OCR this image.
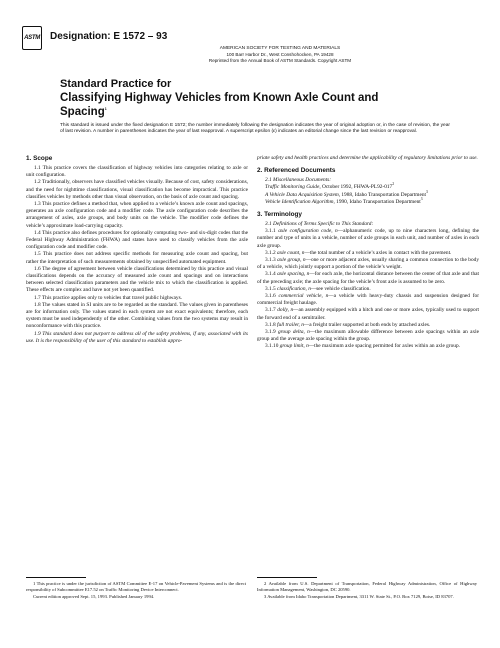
ASTM Designation: E 1572 – 93
AMERICAN SOCIETY FOR TESTING AND MATERIALS
100 Barr Harbor Dr., West Conshohocken, PA 19428
Reprinted from the Annual Book of ASTM Standards. Copyright ASTM
Standard Practice for
Classifying Highway Vehicles from Known Axle Count and
Spacing$^1$
This standard is issued under the fixed designation E 1572; the number immediately following the designation indicates the year of original adoption or, in the case of revision, the year of last revision. A number in parentheses indicates the year of last reapproval. A superscript epsilon (ε) indicates an editorial change since the last revision or reapproval.
1. Scope

1.1 This practice covers the classification of highway vehicles into categories relating to axle or unit configuration.

1.2 Traditionally, observers have classified vehicles visually. Because of cost, safety considerations, and the need for nighttime classifications, visual classification has become impractical. This practice classifies vehicles by methods other than visual observation, on the basis of axle count and spacing.

1.3 This practice defines a method that, when applied to a vehicle’s known axle count and spacings, generates an axle configuration code and a modifier code. The axle configuration code describes the arrangement of axles, axle groups, and body units on the vehicle. The modifier code defines the vehicle’s approximate load-carrying capacity.

1.4 This practice also defines procedures for optionally computing two- and six-digit codes that the Federal Highway Administration (FHWA) and states have used to classify vehicles from the axle configuration code and modifier code.

1.5 This practice does not address specific methods for measuring axle count and spacing, but rather the interpretation of such measurements obtained by unspecified automated equipment.

1.6 The degree of agreement between vehicle classifications determined by this practice and visual classifications depends on the accuracy of measured axle count and spacings and on interactions between selected classification parameters and the vehicle mix to which the classification is applied. These effects are complex and have not yet been quantified.

1.7 This practice applies only to vehicles that travel public highways.

1.8 The values stated in SI units are to be regarded as the standard. The values given in parentheses are for information only. The values stated in each system are not exact equivalents; therefore, each system must be used independently of the other. Combining values from the two systems may result in nonconformance with this practice.

1.9 This standard does not purport to address all of the safety problems, if any, associated with its use. It is the responsibility of the user of this standard to establish appro-

priate safety and health practices and determine the applicability of regulatory limitations prior to use.

2. Referenced Documents

2.1 Miscellaneous Documents:

Traffic Monitoring Guide, October 1992, FHWA-$PL92-017^2$

A Vehicle Data Acquisition System, 1988, Idaho Transportation Department$^3$

Vehicle Identification Algorithm, 1990, Idaho Transportation Department$^3$

3. Terminology

3.1 Definitions of Terms Specific to This Standard:

3.1.1 axle configuration code, n—alphanumeric code, up to nine characters long, defining the number and type of units in a vehicle, number of axle groups in each unit, and number of axles in each axle group.

3.1.2 axle count, n—the total number of a vehicle’s axles in contact with the pavement.

3.1.3 axle group, n—one or more adjacent axles, usually sharing a common connection to the body of a vehicle, which jointly support a portion of the vehicle’s weight.

3.1.4 axle spacing, n—for each axle, the horizontal distance between the center of that axle and that of the preceding axle; the axle spacing for the vehicle’s front axle is assumed to be zero.

3.1.5 classification, n—see vehicle classification.

3.1.6 commercial vehicle, n—a vehicle with heavy-duty chassis and suspension designed for commercial freight haulage.

3.1.7 dolly, n—an assembly equipped with a hitch and one or more axles, typically used to support the forward end of a semitrailer.

3.1.8 full trailer, n—a freight trailer supported at both ends by attached axles.

3.1.9 group delta, n—the maximum allowable difference between axle spacings within an axle group and the average axle spacing within the group.

3.1.10 group limit, n—the maximum axle spacing permitted for axles within an axle group.

1 This practice is under the jurisdiction of ASTM Committee E-17 on Vehicle-Pavement Systems and is the direct responsibility of Subcommittee E17.52 on Traffic Monitoring Device Interconnect.

Current edition approved Sept. 15, 1993. Published January 1994.

2 Available from U.S. Department of Transportation, Federal Highway Administration, Office of Highway Information Management, Washington, DC 20590.

3 Available from Idaho Transportation Department, 3311 W. State St., P.O. Box 7129, Boise, ID 83707.
